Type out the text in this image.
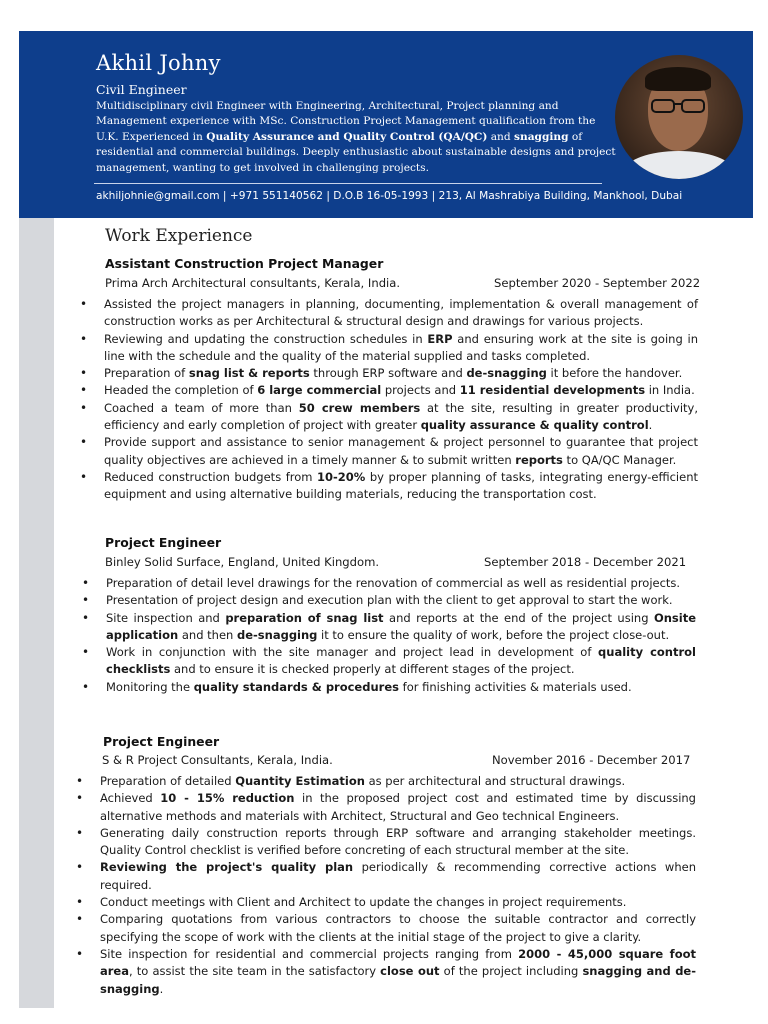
Akhil Johny
Civil Engineer
Multidisciplinary civil Engineer with Engineering, Architectural, Project planning and Management experience with MSc. Construction Project Management qualification from the U.K. Experienced in Quality Assurance and Quality Control (QA/QC) and snagging of residential and commercial buildings. Deeply enthusiastic about sustainable designs and project management, wanting to get involved in challenging projects.
akhiljohnie@gmail.com | +971 551140562 | D.O.B 16-05-1993 | 213, Al Mashrabiya Building, Mankhool, Dubai
Work Experience
Assistant Construction Project Manager
Prima Arch Architectural consultants, Kerala, India.	September 2020 - September 2022
• Assisted the project managers in planning, documenting, implementation & overall management of construction works as per Architectural & structural design and drawings for various projects.
• Reviewing and updating the construction schedules in ERP and ensuring work at the site is going in line with the schedule and the quality of the material supplied and tasks completed.
• Preparation of snag list & reports through ERP software and de-snagging it before the handover.
• Headed the completion of 6 large commercial projects and 11 residential developments in India.
• Coached a team of more than 50 crew members at the site, resulting in greater productivity, efficiency and early completion of project with greater quality assurance & quality control.
• Provide support and assistance to senior management & project personnel to guarantee that project quality objectives are achieved in a timely manner & to submit written reports to QA/QC Manager.
• Reduced construction budgets from 10-20% by proper planning of tasks, integrating energy-efficient equipment and using alternative building materials, reducing the transportation cost.
Project Engineer
Binley Solid Surface, England, United Kingdom.	September 2018 - December 2021
• Preparation of detail level drawings for the renovation of commercial as well as residential projects.
• Presentation of project design and execution plan with the client to get approval to start the work.
• Site inspection and preparation of snag list and reports at the end of the project using Onsite application and then de-snagging it to ensure the quality of work, before the project close-out.
• Work in conjunction with the site manager and project lead in development of quality control checklists and to ensure it is checked properly at different stages of the project.
• Monitoring the quality standards & procedures for finishing activities & materials used.
Project Engineer
S & R Project Consultants, Kerala, India.	November 2016 - December 2017
• Preparation of detailed Quantity Estimation as per architectural and structural drawings.
• Achieved 10 - 15% reduction in the proposed project cost and estimated time by discussing alternative methods and materials with Architect, Structural and Geo technical Engineers.
• Generating daily construction reports through ERP software and arranging stakeholder meetings. Quality Control checklist is verified before concreting of each structural member at the site.
• Reviewing the project's quality plan periodically & recommending corrective actions when required.
• Conduct meetings with Client and Architect to update the changes in project requirements.
• Comparing quotations from various contractors to choose the suitable contractor and correctly specifying the scope of work with the clients at the initial stage of the project to give a clarity.
• Site inspection for residential and commercial projects ranging from 2000 - 45,000 square foot area, to assist the site team in the satisfactory close out of the project including snagging and de-snagging.
